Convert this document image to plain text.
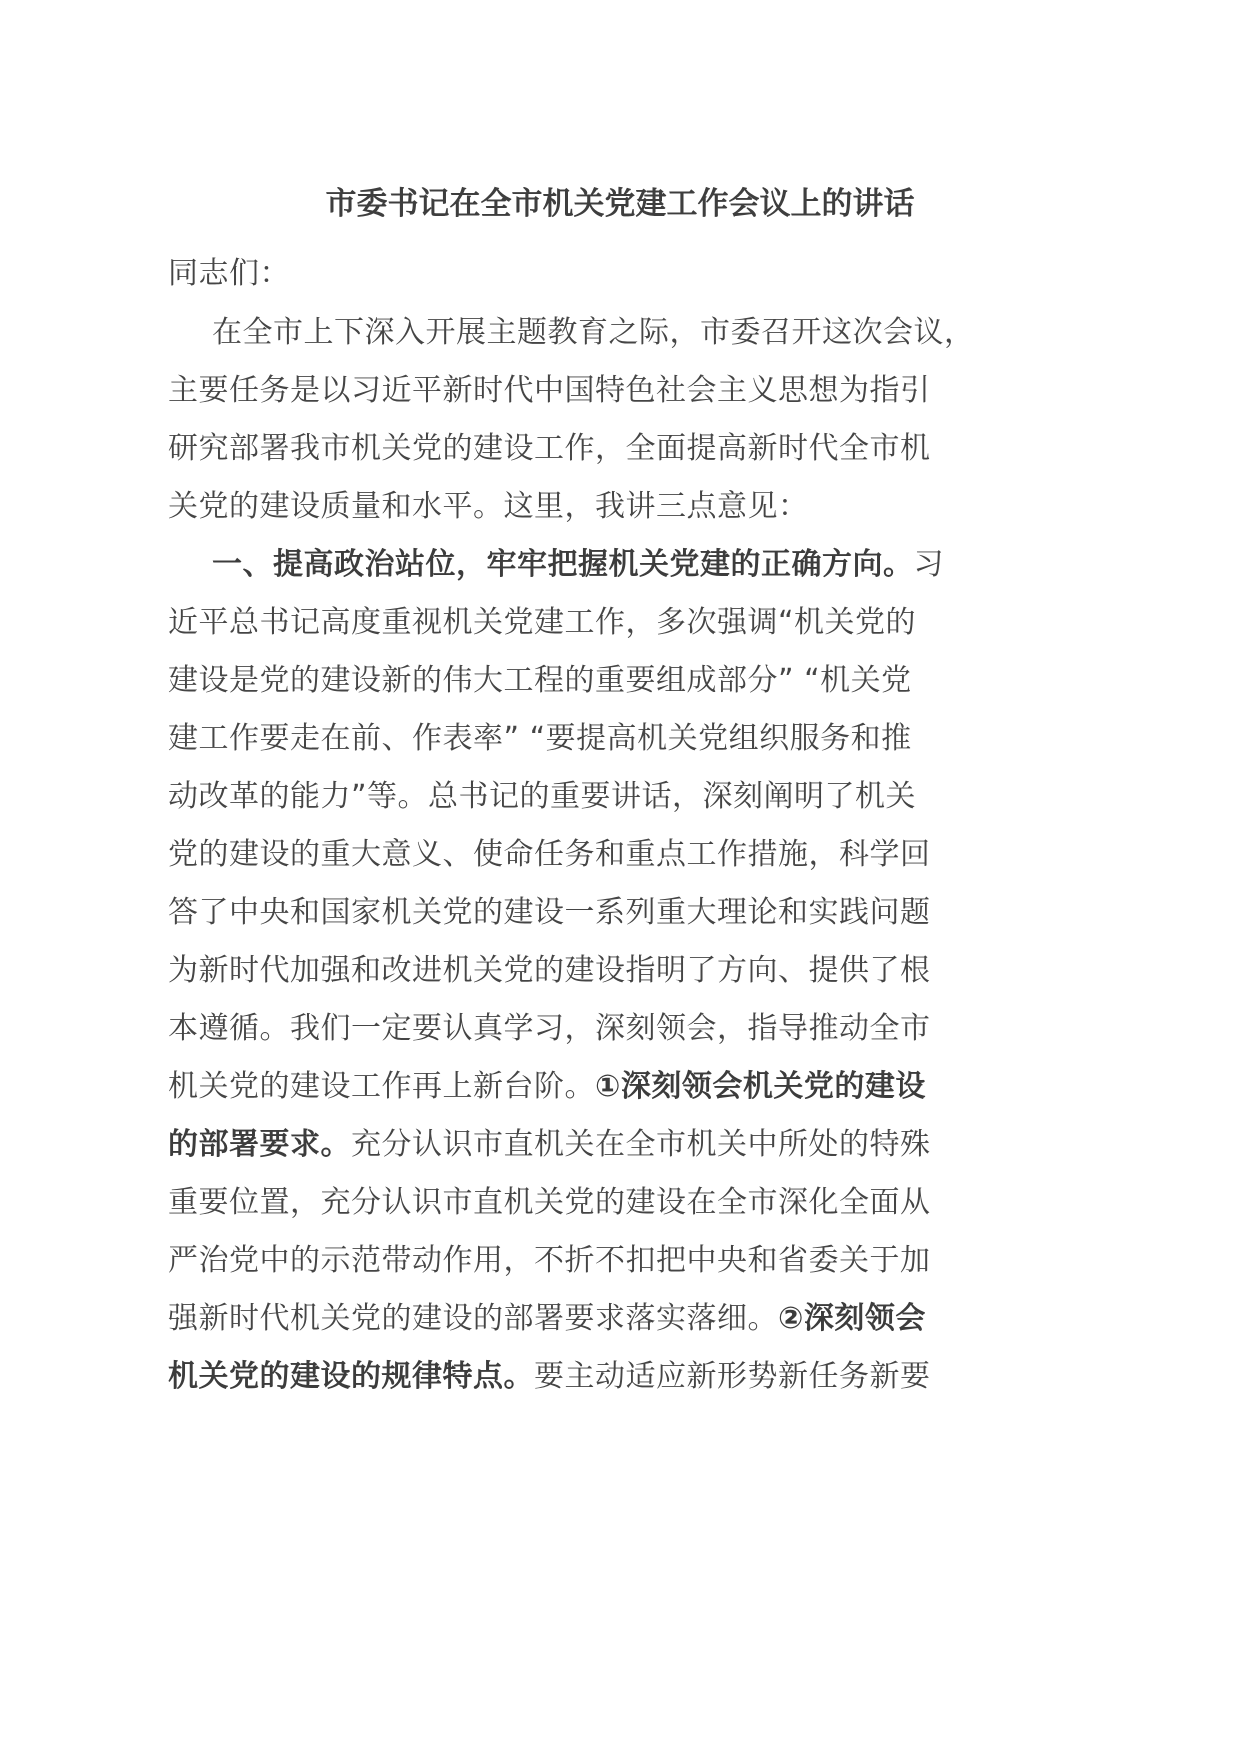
市委书记在全市机关党建工作会议上的讲话
同志们：
在全市上下深入开展主题教育之际，市委召开这次会议，
主要任务是以习近平新时代中国特色社会主义思想为指引
研究部署我市机关党的建设工作，全面提高新时代全市机
关党的建设质量和水平。这里，我讲三点意见：
一、提高政治站位，牢牢把握机关党建的正确方向。习
近平总书记高度重视机关党建工作，多次强调“机关党的
建设是党的建设新的伟大工程的重要组成部分” “机关党
建工作要走在前、作表率” “要提高机关党组织服务和推
动改革的能力”等。总书记的重要讲话，深刻阐明了机关
党的建设的重大意义、使命任务和重点工作措施，科学回
答了中央和国家机关党的建设一系列重大理论和实践问题
为新时代加强和改进机关党的建设指明了方向、提供了根
本遵循。我们一定要认真学习，深刻领会，指导推动全市
机关党的建设工作再上新台阶。①深刻领会机关党的建设
的部署要求。充分认识市直机关在全市机关中所处的特殊
重要位置，充分认识市直机关党的建设在全市深化全面从
严治党中的示范带动作用，不折不扣把中央和省委关于加
强新时代机关党的建设的部署要求落实落细。②深刻领会
机关党的建设的规律特点。要主动适应新形势新任务新要
